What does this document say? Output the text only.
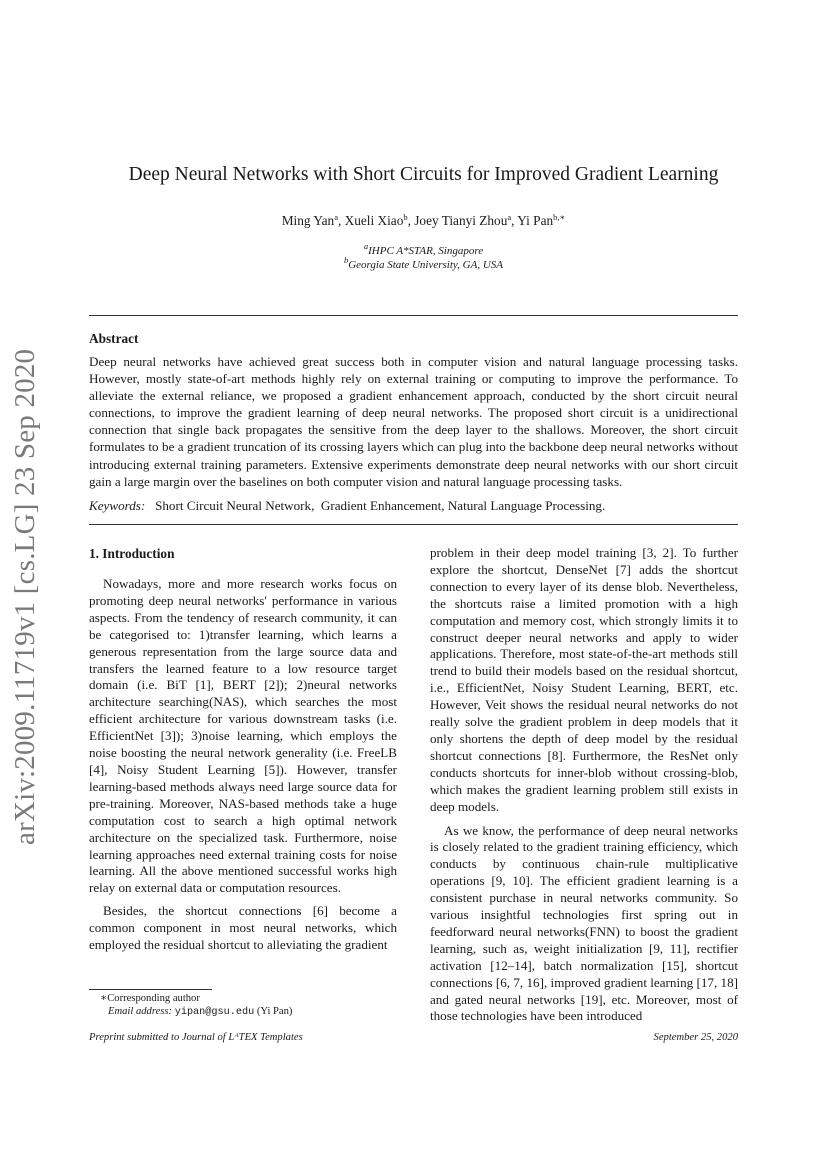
arXiv:2009.11719v1 [cs.LG] 23 Sep 2020
Deep Neural Networks with Short Circuits for Improved Gradient Learning
Ming Yan$^a$, Xueli Xiao$^b$, Joey Tianyi Zhou$^a$, Yi Pan$^{b,∗}$
$^a$IHPC A*STAR, Singapore
$^b$Georgia State University, GA, USA
Abstract

Deep neural networks have achieved great success both in computer vision and natural language processing tasks. However, mostly state-of-art methods highly rely on external training or computing to improve the performance. To alleviate the external reliance, we proposed a gradient enhancement approach, conducted by the short circuit neural connections, to improve the gradient learning of deep neural networks. The proposed short circuit is a unidirectional connection that single back propagates the sensitive from the deep layer to the shallows. Moreover, the short circuit formulates to be a gradient truncation of its crossing layers which can plug into the backbone deep neural networks without introducing external training parameters. Extensive experiments demonstrate deep neural networks with our short circuit gain a large margin over the baselines on both computer vision and natural language processing tasks.

Keywords: Short Circuit Neural Network, Gradient Enhancement, Natural Language Processing.
1. Introduction

Nowadays, more and more research works focus on promoting deep neural networks' performance in various aspects. From the tendency of research community, it can be categorised to: 1)transfer learning, which learns a generous representation from the large source data and transfers the learned feature to a low resource target domain (i.e. BiT [1], BERT [2]); 2)neural networks architecture searching(NAS), which searches the most efficient architecture for various downstream tasks (i.e. EfficientNet [3]); 3)noise learning, which employs the noise boosting the neural network generality (i.e. FreeLB [4], Noisy Student Learning [5]). However, transfer learning-based methods always need large source data for pre-training. Moreover, NAS-based methods take a huge computation cost to search a high optimal network architecture on the specialized task. Furthermore, noise learning approaches need external training costs for noise learning. All the above mentioned successful works high relay on external data or computation resources.

Besides, the shortcut connections [6] become a common component in most neural networks, which employed the residual shortcut to alleviating the gradient

problem in their deep model training [3, 2]. To further explore the shortcut, DenseNet [7] adds the shortcut connection to every layer of its dense blob. Nevertheless, the shortcuts raise a limited promotion with a high computation and memory cost, which strongly limits it to construct deeper neural networks and apply to wider applications. Therefore, most state-of-the-art methods still trend to build their models based on the residual shortcut, i.e., EfficientNet, Noisy Student Learning, BERT, etc. However, Veit shows the residual neural networks do not really solve the gradient problem in deep models that it only shortens the depth of deep model by the residual shortcut connections [8]. Furthermore, the ResNet only conducts shortcuts for inner-blob without crossing-blob, which makes the gradient learning problem still exists in deep models.

As we know, the performance of deep neural networks is closely related to the gradient training efficiency, which conducts by continuous chain-rule multiplicative operations [9, 10]. The efficient gradient learning is a consistent purchase in neural networks community. So various insightful technologies first spring out in feedforward neural networks(FNN) to boost the gradient learning, such as, weight initialization [9, 11], rectifier activation [12–14], batch normalization [15], shortcut connections [6, 7, 16], improved gradient learning [17, 18] and gated neural networks [19], etc. Moreover, most of those technologies have been introduced

∗Corresponding author
Email address: yipan@gsu.edu (Yi Pan)
Preprint submitted to Journal of LᴬTEX Templates	September 25, 2020
